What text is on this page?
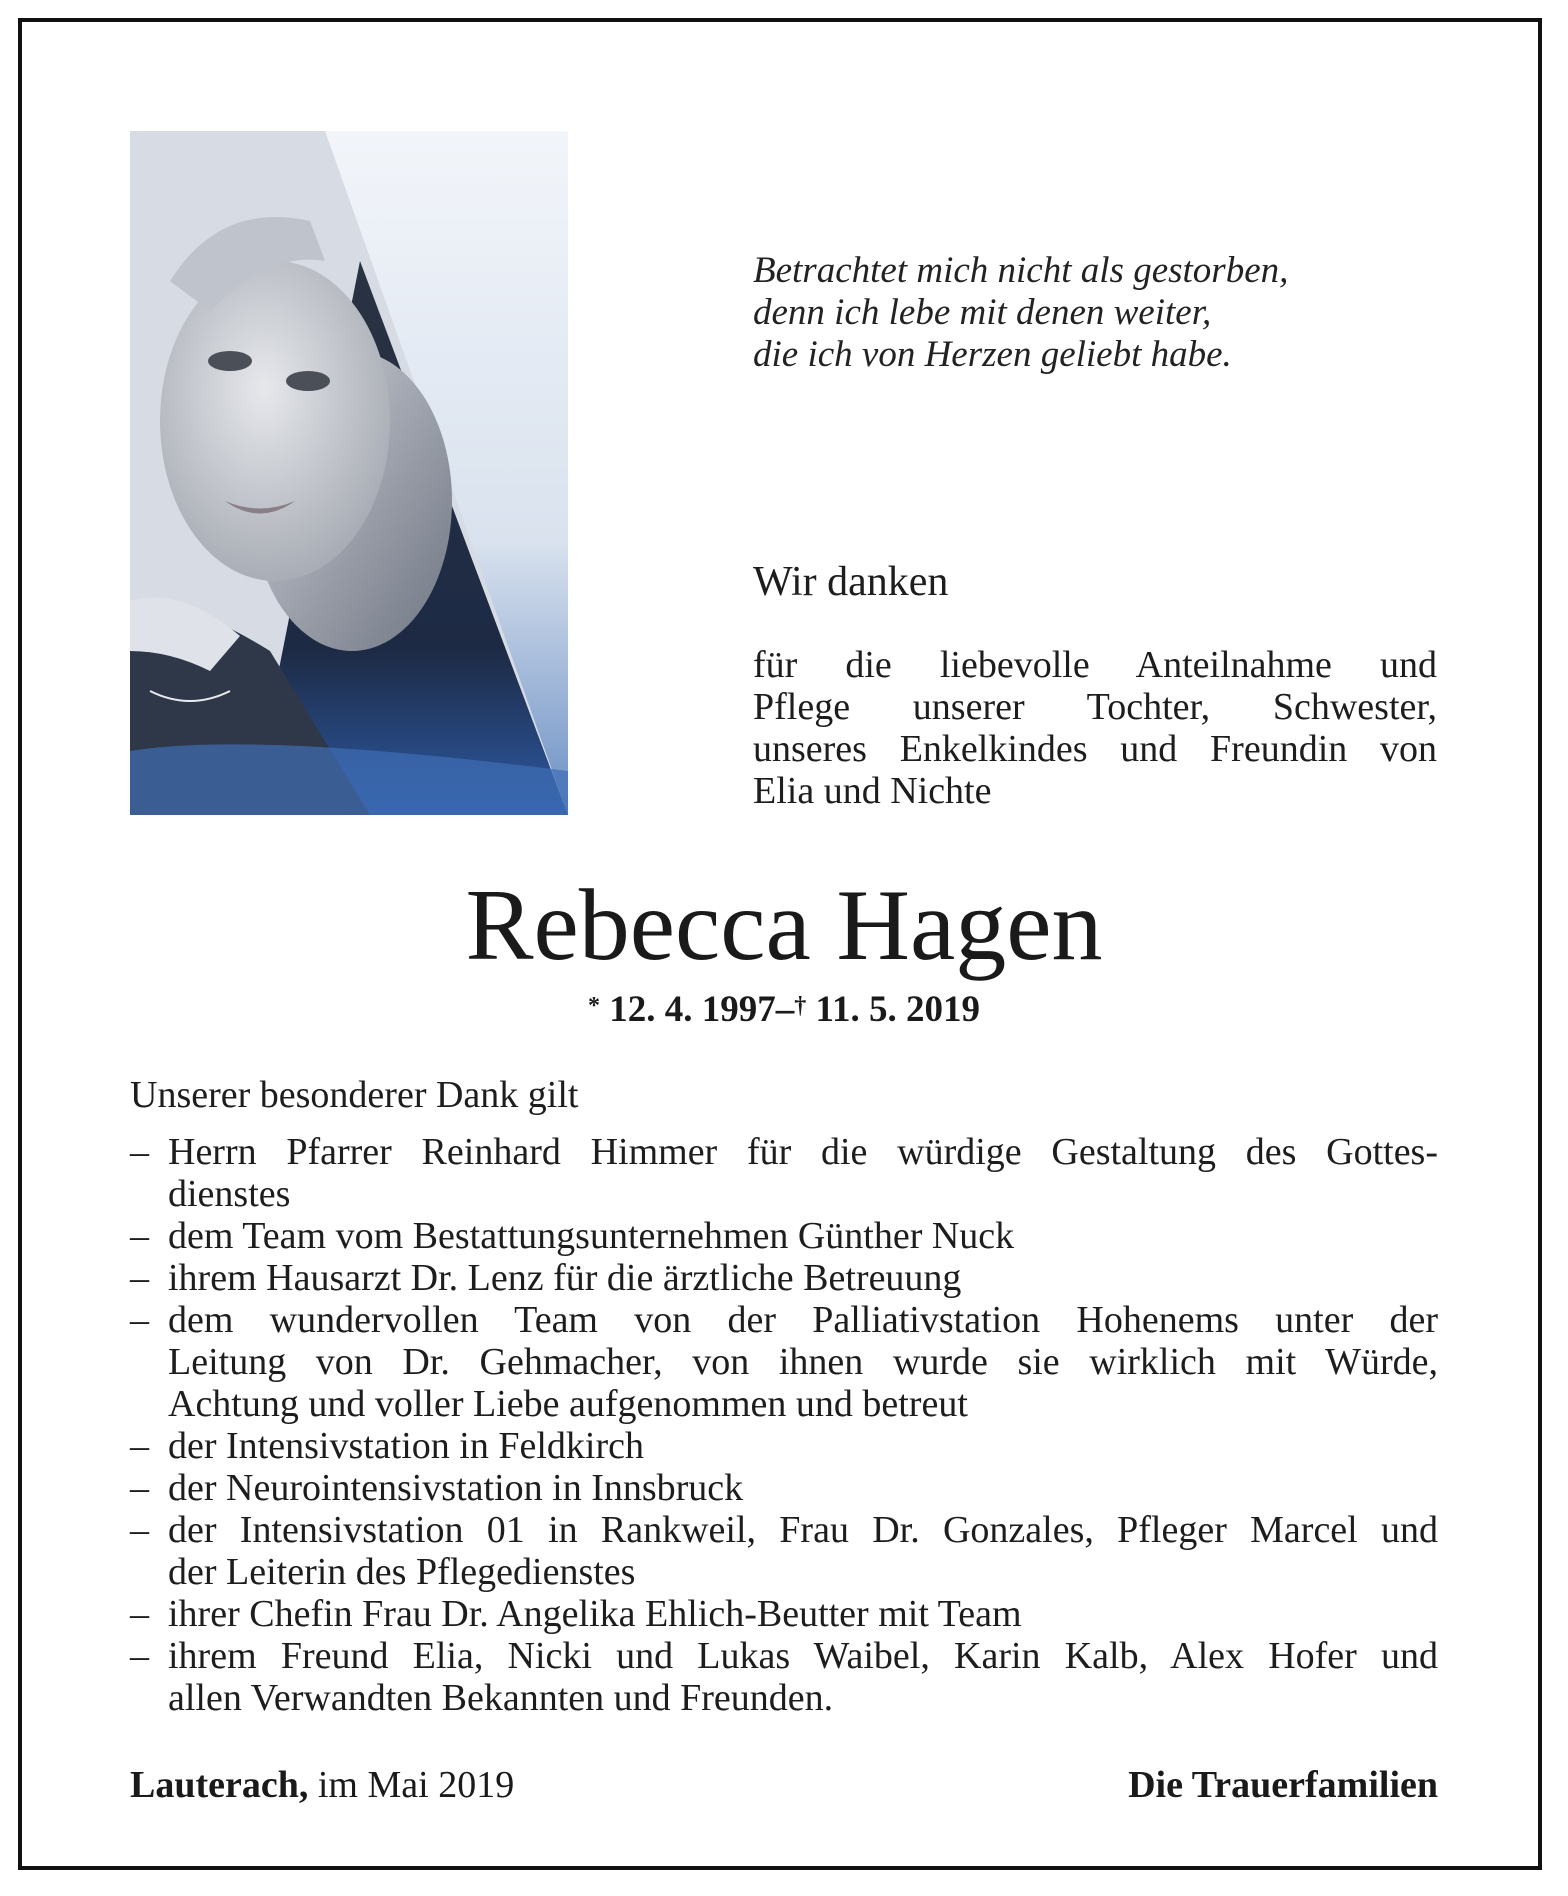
Betrachtet mich nicht als gestorben,
denn ich lebe mit denen weiter,
die ich von Herzen geliebt habe.
Wir danken
für die liebevolle Anteilnahme und
Pflege unserer Tochter, Schwester,
unseres Enkelkindes und Freundin von
Elia und Nichte
Rebecca Hagen
* 12. 4. 1997–† 11. 5. 2019
Unserer besonderer Dank gilt
– Herrn Pfarrer Reinhard Himmer für die würdige Gestaltung des Gottes-
dienstes
– dem Team vom Bestattungsunternehmen Günther Nuck
– ihrem Hausarzt Dr. Lenz für die ärztliche Betreuung
– dem wundervollen Team von der Palliativstation Hohenems unter der
Leitung von Dr. Gehmacher, von ihnen wurde sie wirklich mit Würde,
Achtung und voller Liebe aufgenommen und betreut
– der Intensivstation in Feldkirch
– der Neurointensivstation in Innsbruck
– der Intensivstation 01 in Rankweil, Frau Dr. Gonzales, Pfleger Marcel und
der Leiterin des Pflegedienstes
– ihrer Chefin Frau Dr. Angelika Ehlich-Beutter mit Team
– ihrem Freund Elia, Nicki und Lukas Waibel, Karin Kalb, Alex Hofer und
allen Verwandten Bekannten und Freunden.
Lauterach, im Mai 2019	Die Trauerfamilien
